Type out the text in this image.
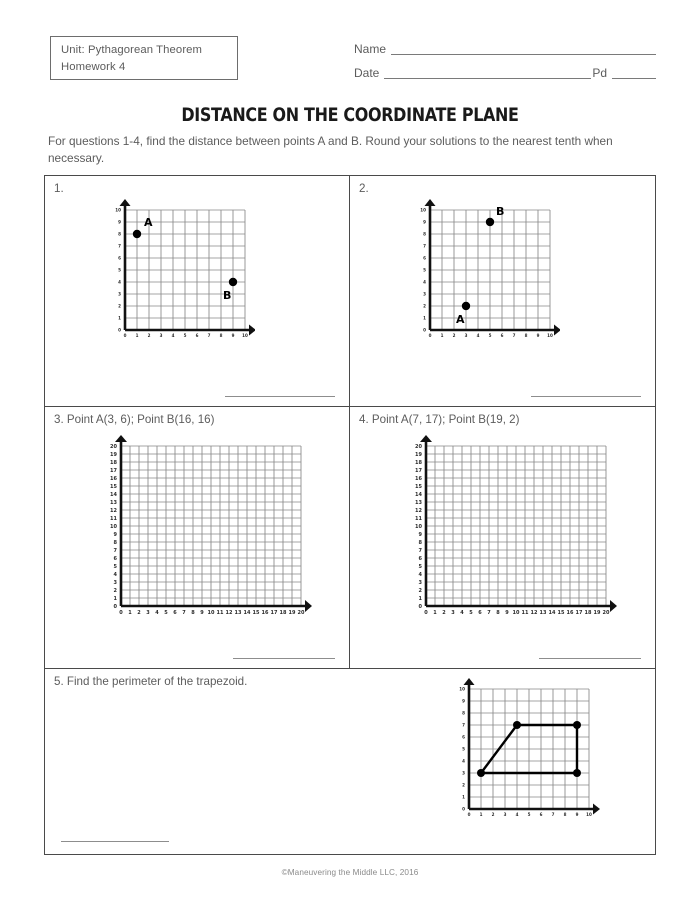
Unit: Pythagorean Theorem
Homework 4
Name
Date	Pd
DISTANCE ON THE COORDINATE PLANE
For questions 1-4, find the distance between points A and B. Round your solutions to the nearest tenth when necessary.
1.
0 1 2 3 4 5 6 7 8 9 10
0
1
2
3
4
5
6
7
8
9
10
A
B
2.
0 1 2 3 4 5 6 7 8 9 10
0
1
2
3
4
5
6
7
8
9
10
A
B
3. Point A(3, 6); Point B(16, 16)
0 1 2 3 4 5 6 7 8 9 10 11 12 13 14 15 16 17 18 19 20
0
1
2
3
4
5
6
7
8
9
10
11
12
13
14
15
16
17
18
19
20
4. Point A(7, 17); Point B(19, 2)
0 1 2 3 4 5 6 7 8 9 10 11 12 13 14 15 16 17 18 19 20
0
1
2
3
4
5
6
7
8
9
10
11
12
13
14
15
16
17
18
19
20
5. Find the perimeter of the trapezoid.
0 1 2 3 4 5 6 7 8 9 10
0
1
2
3
4
5
6
7
8
9
10
©Maneuvering the Middle LLC, 2016
